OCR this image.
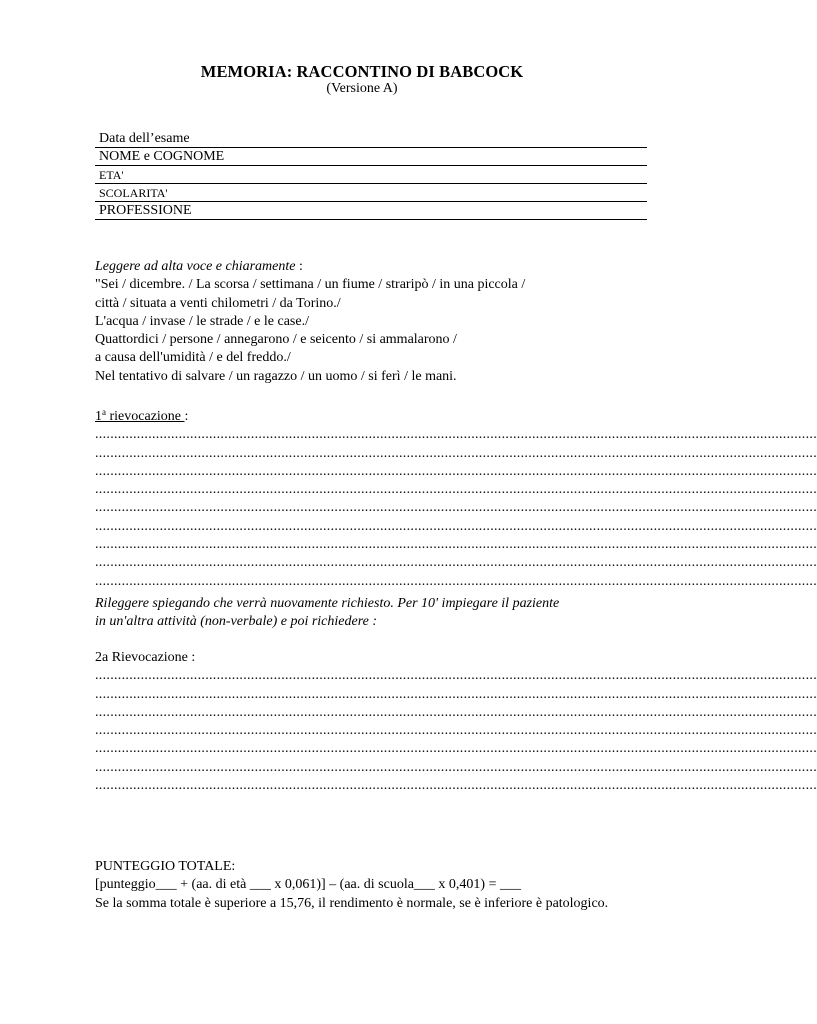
MEMORIA: RACCONTINO DI BABCOCK
(Versione A)
Data dell’esame
NOME e COGNOME
ETA'
SCOLARITA'
PROFESSIONE
Leggere ad alta voce e chiaramente :
"Sei / dicembre. / La scorsa / settimana / un fiume / straripò / in una piccola /
città / situata a venti chilometri / da Torino./
L'acqua / invase / le strade / e le case./
Quattordici / persone / annegarono / e seicento / si ammalarono /
a causa dell'umidità / e del freddo./
Nel tentativo di salvare / un ragazzo / un uomo / si ferì / le mani.
1$^a$ rievocazione :
..............................................................................................................................................................................................
..............................................................................................................................................................................................
..............................................................................................................................................................................................
..............................................................................................................................................................................................
..............................................................................................................................................................................................
..............................................................................................................................................................................................
..............................................................................................................................................................................................
..............................................................................................................................................................................................
..............................................................................................................................................................................................
Rileggere spiegando che verrà nuovamente richiesto. Per 10' impiegare il paziente
in un'altra attività (non-verbale) e poi richiedere :
2a Rievocazione :
..............................................................................................................................................................................................
..............................................................................................................................................................................................
..............................................................................................................................................................................................
..............................................................................................................................................................................................
..............................................................................................................................................................................................
..............................................................................................................................................................................................
..............................................................................................................................................................................................
PUNTEGGIO TOTALE:
[punteggio___ + (aa. di età ___ x 0,061)] – (aa. di scuola___ x 0,401) = ___
Se la somma totale è superiore a 15,76, il rendimento è normale, se è inferiore è patologico.
